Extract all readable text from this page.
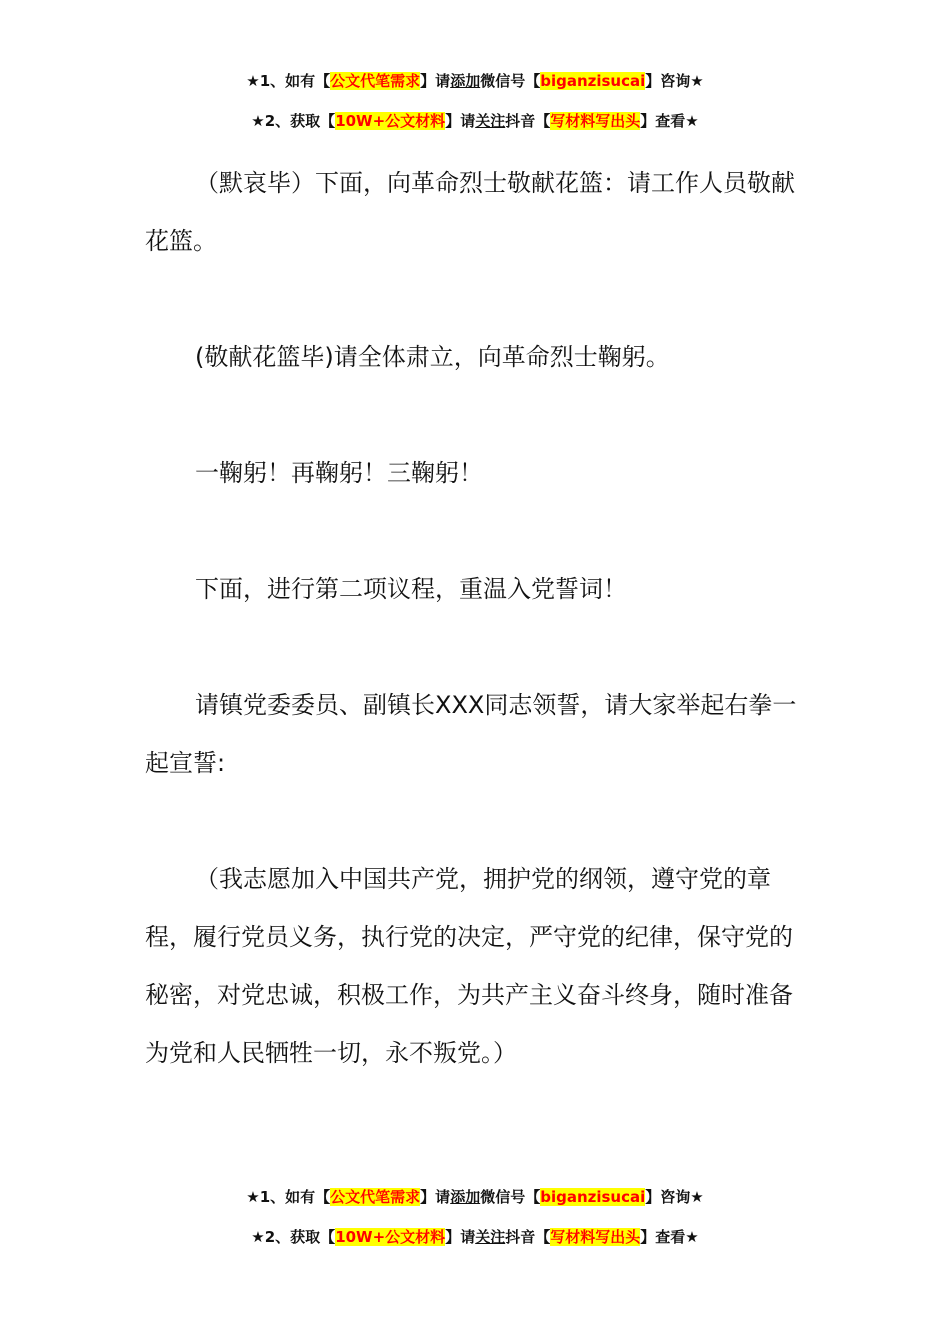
★1、如有【公文代笔需求】请添加微信号【biganzisucai】咨询★
★2、获取【10W+公文材料】请关注抖音【写材料写出头】查看★

（默哀毕）下面，向革命烈士敬献花篮：请工作人员敬献花篮。

(敬献花篮毕)请全体肃立，向革命烈士鞠躬。

一鞠躬！再鞠躬！三鞠躬！

下面，进行第二项议程，重温入党誓词！

请镇党委委员、副镇长XXX同志领誓，请大家举起右拳一起宣誓:

（我志愿加入中国共产党，拥护党的纲领，遵守党的章程，履行党员义务，执行党的决定，严守党的纪律，保守党的秘密，对党忠诚，积极工作，为共产主义奋斗终身，随时准备为党和人民牺牲一切，永不叛党。）

★1、如有【公文代笔需求】请添加微信号【biganzisucai】咨询★
★2、获取【10W+公文材料】请关注抖音【写材料写出头】查看★
